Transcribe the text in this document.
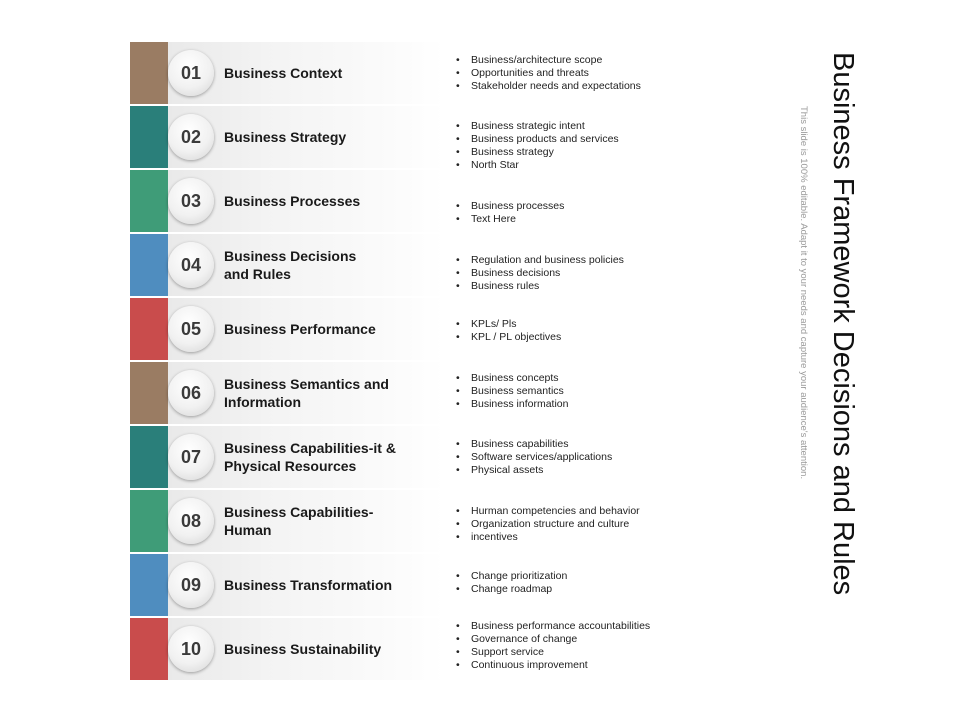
01	Business Context
• Business/architecture scope
• Opportunities and threats
• Stakeholder needs and expectations
02	Business Strategy
• Business strategic intent
• Business products and services
• Business strategy
• North Star
03	Business Processes	• Business processes
• Text Here
04	Business Decisions
and Rules
• Regulation and business policies
• Business decisions
• Business rules
05	Business Performance	• KPLs/ Pls
• KPL / PL objectives
06	Business Semantics and
Information
• Business concepts
• Business semantics
• Business information
07	Business Capabilities-it &
Physical Resources
• Business capabilities
• Software services/applications
• Physical assets
08	Business Capabilities-
Human
• Hurman competencies and behavior
• Organization structure and culture
• incentives
09	Business Transformation
• Change prioritization
• Change roadmap
10	Business Sustainability
• Business performance accountabilities
• Governance of change
• Support service
• Continuous improvement
Business Framework Decisions and Rules
This slide is 100% editable. Adapt it to your needs and capture your audience's attention.
